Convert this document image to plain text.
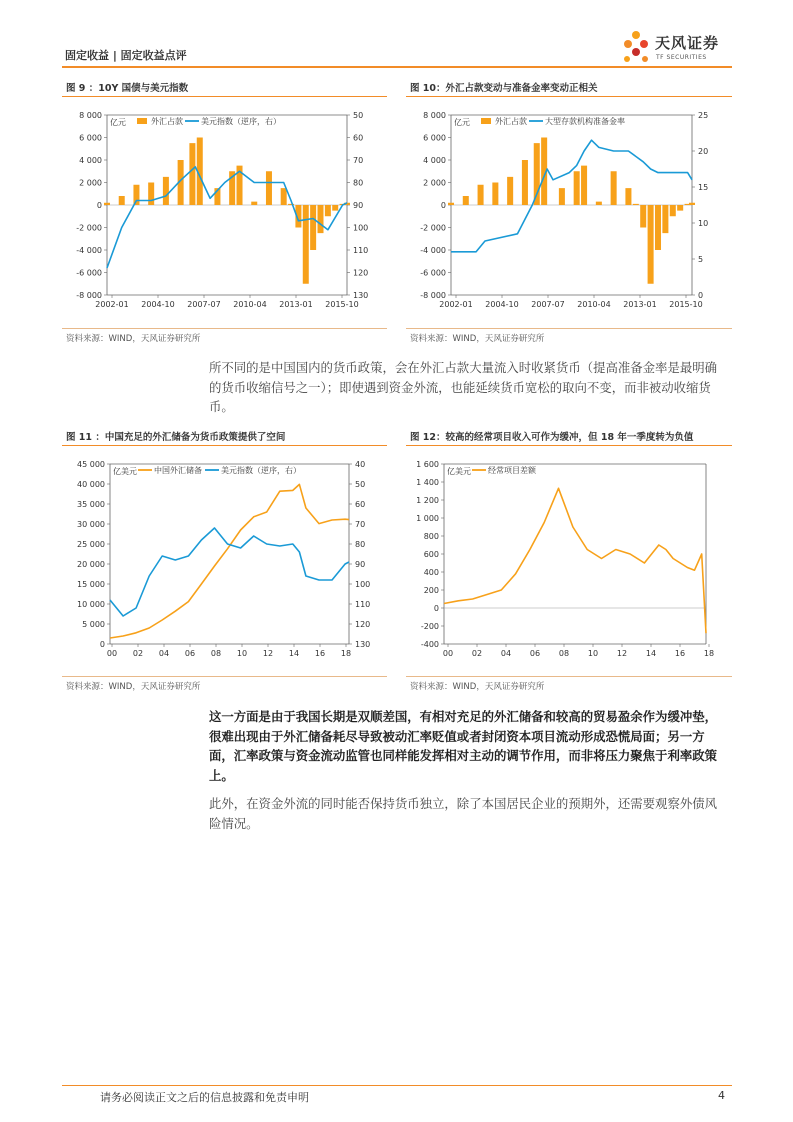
固定收益 | 固定收益点评
天风证券
TF SECURITIES
图 9 ：10Y 国债与美元指数	图 10：外汇占款变动与准备金率变动正相关
-8 000
-6 000
-4 000
-2 000
0
2 000
4 000
6 000
8 000	50
60
70
80
90
100
110
120
130
2002-01 2004-10 2007-07 2010-04 2013-01 2015-10
亿元	外汇占款 美元指数（逆序，右）
-8 000
-6 000
-4 000
-2 000
0
2 000
4 000
6 000
8 000
0
5
10
15
20
25
2002-01 2004-10 2007-07 2010-04 2013-01 2015-10
亿元	外汇占款 大型存款机构准备金率
资料来源：WIND，天风证券研究所	资料来源：WIND，天风证券研究所
所不同的是中国国内的货币政策，会在外汇占款大量流入时收紧货币（提高准备金率是最明确的货币收缩信号之一）；即使遇到资金外流，也能延续货币宽松的取向不变，而非被动收缩货币。
图 11 ：中国充足的外汇储备为货币政策提供了空间	图 12：较高的经常项目收入可作为缓冲，但 18 年一季度转为负值
0
5 000
10 000
15 000
20 000
25 000
30 000
35 000
40 000
45 000	40
50
60
70
80
90
100
110
120
130
00 02 04 06 08 10 12 14 16 18
亿美元 中国外汇储备 美元指数（逆序，右）
-400
-200
0
200
400
600
800
1 000
1 200
1 400
1 600
00 02 04 06 08 10 12 14 16 18
亿美元 经常项目差额
资料来源：WIND，天风证券研究所	资料来源：WIND，天风证券研究所
这一方面是由于我国长期是双顺差国，有相对充足的外汇储备和较高的贸易盈余作为缓冲垫，很难出现由于外汇储备耗尽导致被动汇率贬值或者封闭资本项目流动形成恐慌局面；另一方面，汇率政策与资金流动监管也同样能发挥相对主动的调节作用，而非将压力聚焦于利率政策上。
此外，在资金外流的同时能否保持货币独立，除了本国居民企业的预期外，还需要观察外债风险情况。
请务必阅读正文之后的信息披露和免责申明	4
